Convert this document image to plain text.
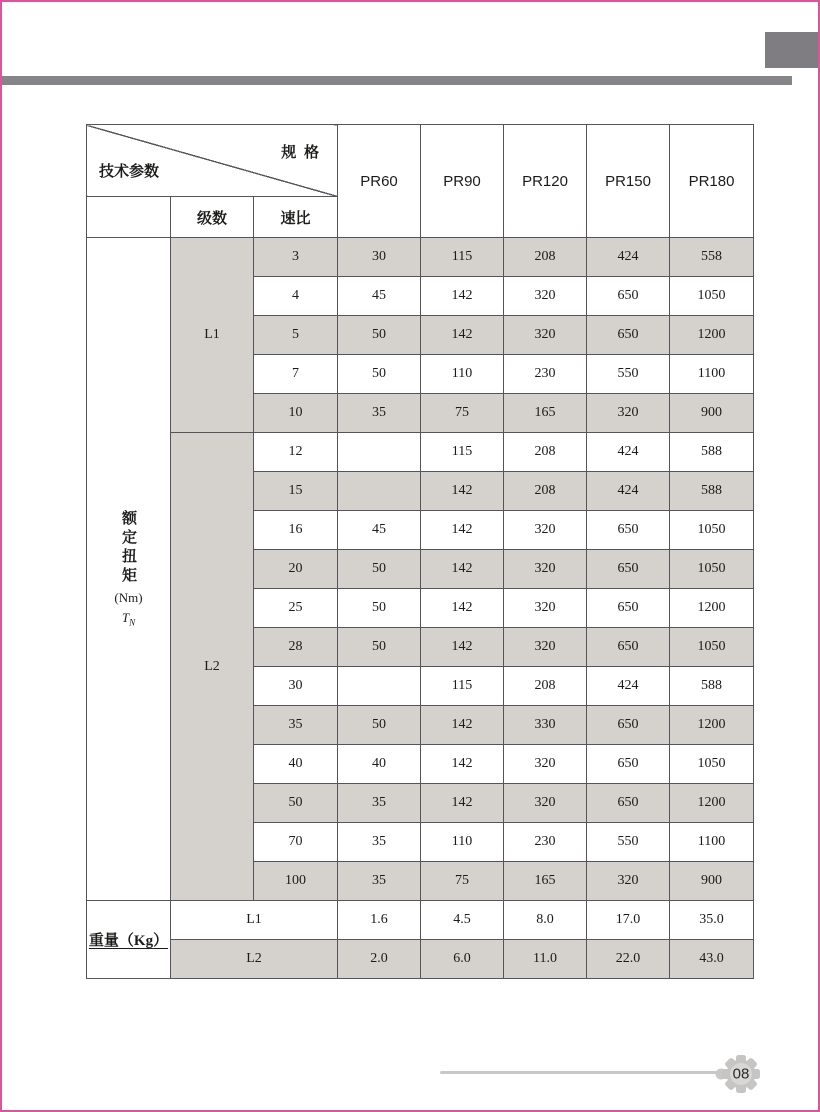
规 格
技术参数			PR60	PR90	PR120	PR150	PR180
	级数	速比					

额定扭矩
(Nm)
$T_N$	L1	3	30	115	208	424	558
		4	45	142	320	650	1050
		5	50	142	320	650	1200
		7	50	110	230	550	1100
		10	35	75	165	320	900
	L2	12		115	208	424	588
		15		142	208	424	588
		16	45	142	320	650	1050
		20	50	142	320	650	1050
		25	50	142	320	650	1200
		28	50	142	320	650	1050
		30		115	208	424	588
		35	50	142	330	650	1200
		40	40	142	320	650	1050
		50	35	142	320	650	1200
		70	35	110	230	550	1100
		100	35	75	165	320	900
重量（Kg）	L1		1.6	4.5	8.0	17.0	35.0
	L2		2.0	6.0	11.0	22.0	43.0
08
